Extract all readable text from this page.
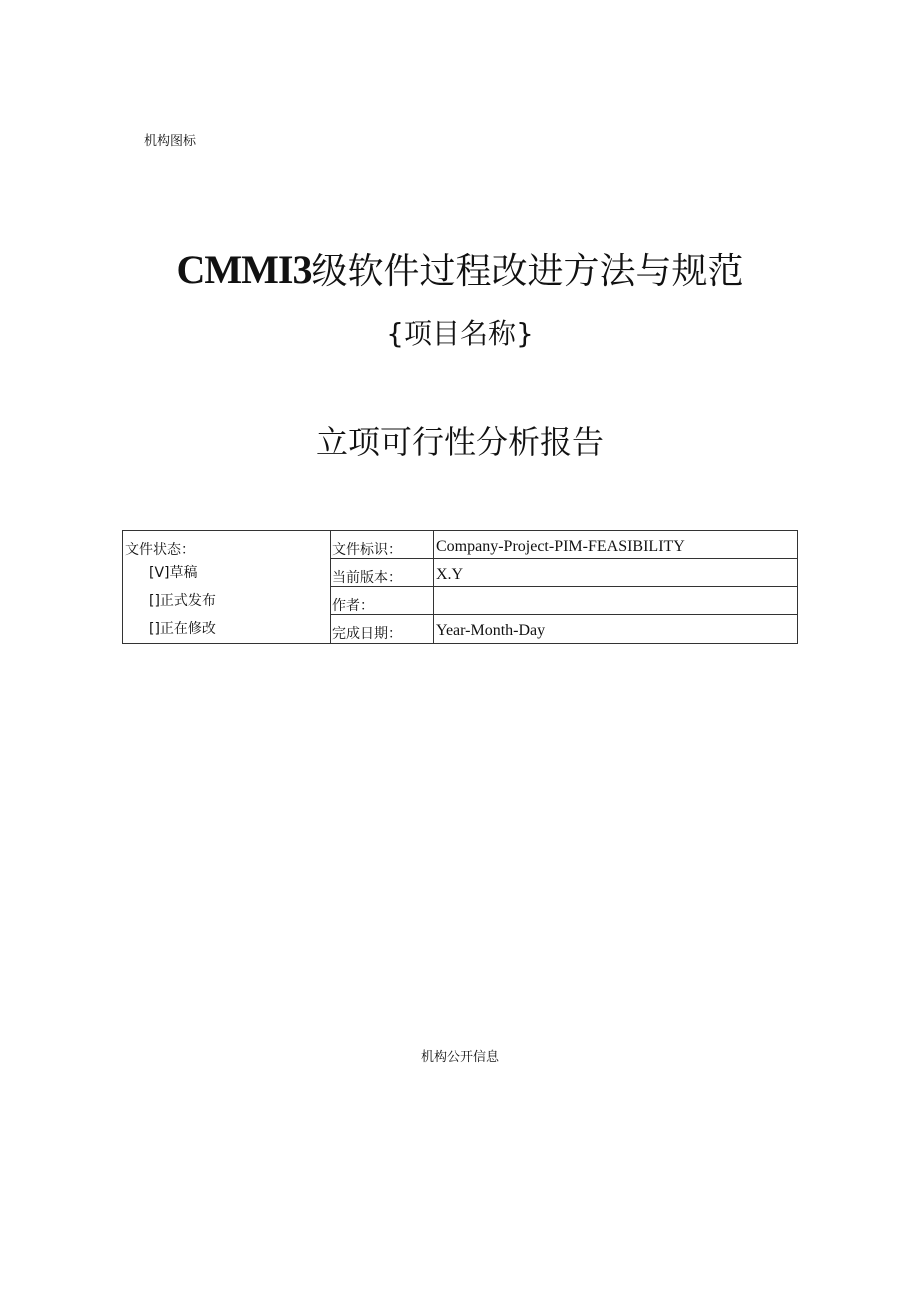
机构图标
CMMI3级软件过程改进方法与规范
{项目名称}
立项可行性分析报告
文件状态：
[V]草稿
[]正式发布
[]正在修改
文件标识：	Company-Project-PIM-FEASIBILITY
当前版本：	X.Y
作者：
完成日期：	Year-Month-Day
机构公开信息
